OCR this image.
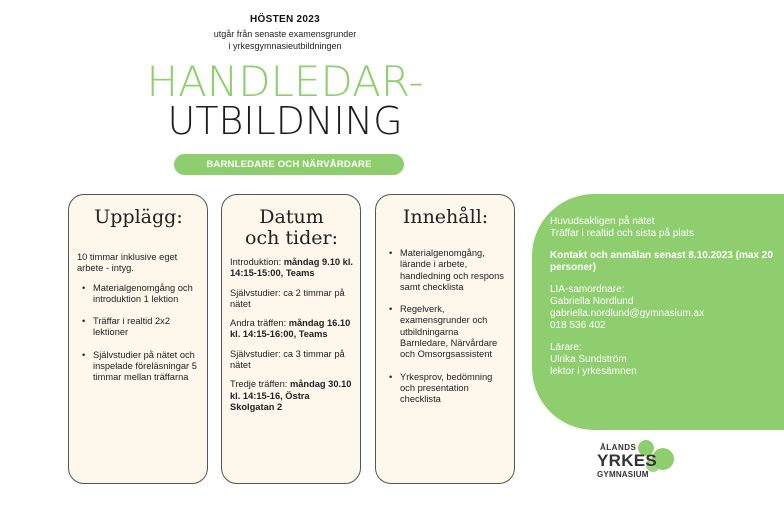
HÖSTEN 2023
utgår från senaste examensgrunder
i yrkesgymnasieutbildningen
HANDLEDAR-
UTBILDNING
BARNLEDARE OCH NÄRVÅRDARE
Upplägg:

10 timmar inklusive eget arbete - intyg.

• Materialgenomgång och introduktion 1 lektion
• Träffar i realtid 2x2 lektioner
• Självstudier på nätet och inspelade föreläsningar 5 timmar mellan träffarna
Datum
och tider:

Introduktion: måndag 9.10 kl. 14:15-15:00, Teams

Självstudier: ca 2 timmar på nätet

Andra träffen: måndag 16.10 kl. 14:15-16:00, Teams

Självstudier: ca 3 timmar på nätet

Tredje träffen: måndag 30.10 kl. 14:15-16, Östra Skolgatan 2

Innehåll:
• Materialgenomgång, lärande i arbete, handledning och respons samt checklista
• Regelverk, examensgrunder och utbildningarna Barnledare, Närvårdare och Omsorgsassistent
• Yrkesprov, bedömning och presentation checklista

Huvudsakligen på nätet
Träffar i realtid och sista på plats

Kontakt och anmälan senast 8.10.2023 (max 20 personer)

LIA-samordnare:
Gabriella Nordlund
gabriella.nordlund@gymnasium.ax
018 536 402

Lärare:
Ulrika Sundström
lektor i yrkesämnen

ÅLANDS
YRKES
GYMNASIUM
